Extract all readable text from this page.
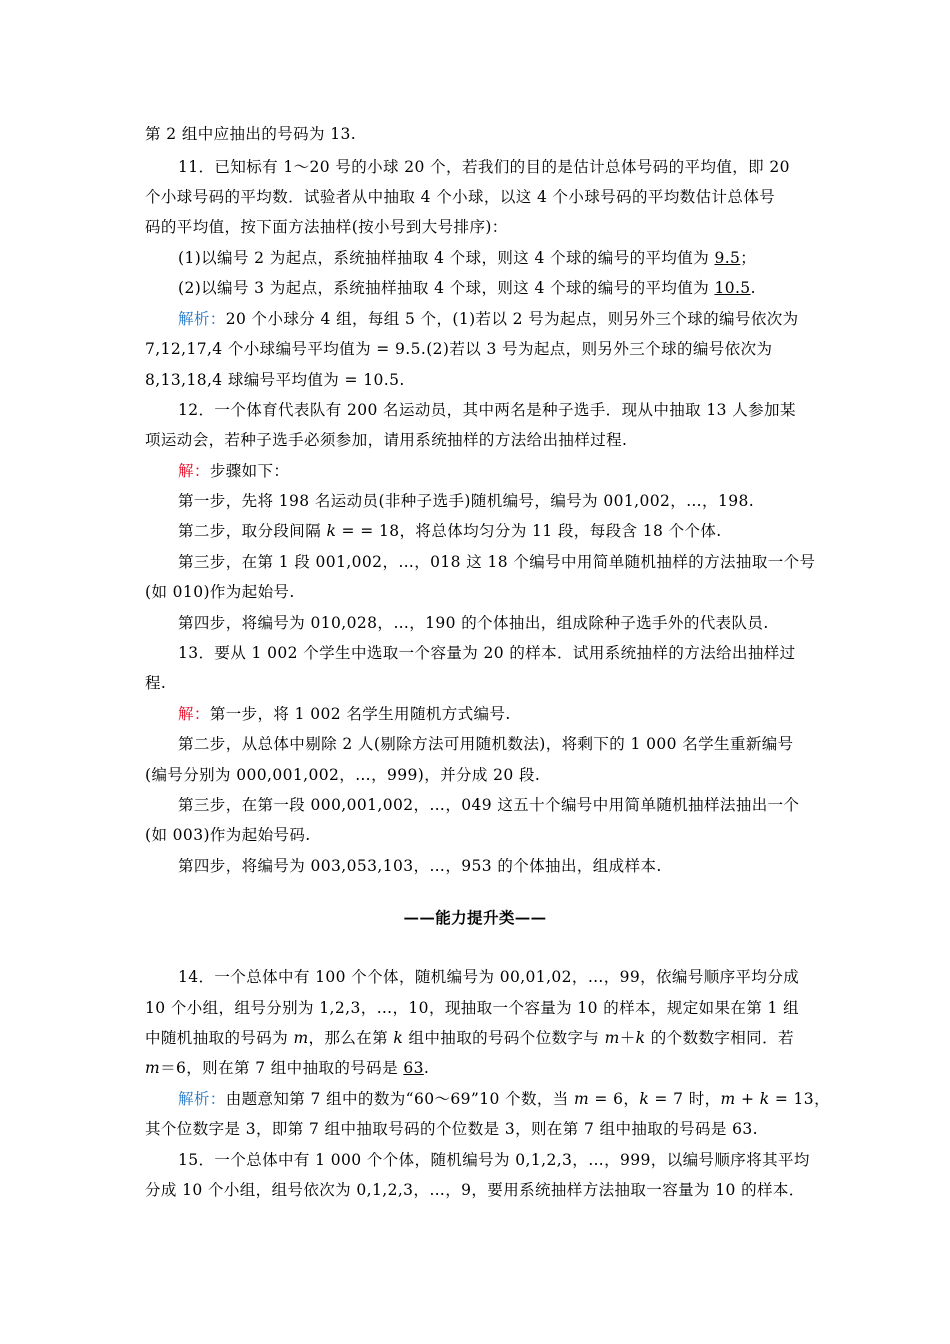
第 2 组中应抽出的号码为 13.
11．已知标有 1～20 号的小球 20 个，若我们的目的是估计总体号码的平均值，即 20
个小球号码的平均数．试验者从中抽取 4 个小球，以这 4 个小球号码的平均数估计总体号
码的平均值，按下面方法抽样(按小号到大号排序)：
(1)以编号 2 为起点，系统抽样抽取 4 个球，则这 4 个球的编号的平均值为 9.5；
(2)以编号 3 为起点，系统抽样抽取 4 个球，则这 4 个球的编号的平均值为 10.5.
解析：20 个小球分 4 组，每组 5 个，(1)若以 2 号为起点，则另外三个球的编号依次为
7,12,17,4 个小球编号平均值为 = 9.5.(2)若以 3 号为起点，则另外三个球的编号依次为
8,13,18,4 球编号平均值为 = 10.5.
12．一个体育代表队有 200 名运动员，其中两名是种子选手．现从中抽取 13 人参加某
项运动会，若种子选手必须参加，请用系统抽样的方法给出抽样过程.
解：步骤如下：
第一步，先将 198 名运动员(非种子选手)随机编号，编号为 001,002，…，198.
第二步，取分段间隔 k = = 18，将总体均匀分为 11 段，每段含 18 个个体.
第三步，在第 1 段 001,002，…，018 这 18 个编号中用简单随机抽样的方法抽取一个号
(如 010)作为起始号.
第四步，将编号为 010,028，…，190 的个体抽出，组成除种子选手外的代表队员.
13．要从 1 002 个学生中选取一个容量为 20 的样本．试用系统抽样的方法给出抽样过
程.
解：第一步，将 1 002 名学生用随机方式编号.
第二步，从总体中剔除 2 人(剔除方法可用随机数法)，将剩下的 1 000 名学生重新编号
(编号分别为 000,001,002，…，999)，并分成 20 段.
第三步，在第一段 000,001,002，…，049 这五十个编号中用简单随机抽样法抽出一个
(如 003)作为起始号码.
第四步，将编号为 003,053,103，…，953 的个体抽出，组成样本.
——能力提升类——
14．一个总体中有 100 个个体，随机编号为 00,01,02，…，99，依编号顺序平均分成
10 个小组，组号分别为 1,2,3，…，10，现抽取一个容量为 10 的样本，规定如果在第 1 组
中随机抽取的号码为 m，那么在第 k 组中抽取的号码个位数字与 m＋k 的个数数字相同．若
m＝6，则在第 7 组中抽取的号码是 63.
解析：由题意知第 7 组中的数为“60～69”10 个数，当 m = 6，k = 7 时，m + k = 13，
其个位数字是 3，即第 7 组中抽取号码的个位数是 3，则在第 7 组中抽取的号码是 63.
15．一个总体中有 1 000 个个体，随机编号为 0,1,2,3，…，999，以编号顺序将其平均
分成 10 个小组，组号依次为 0,1,2,3，…，9，要用系统抽样方法抽取一容量为 10 的样本．
